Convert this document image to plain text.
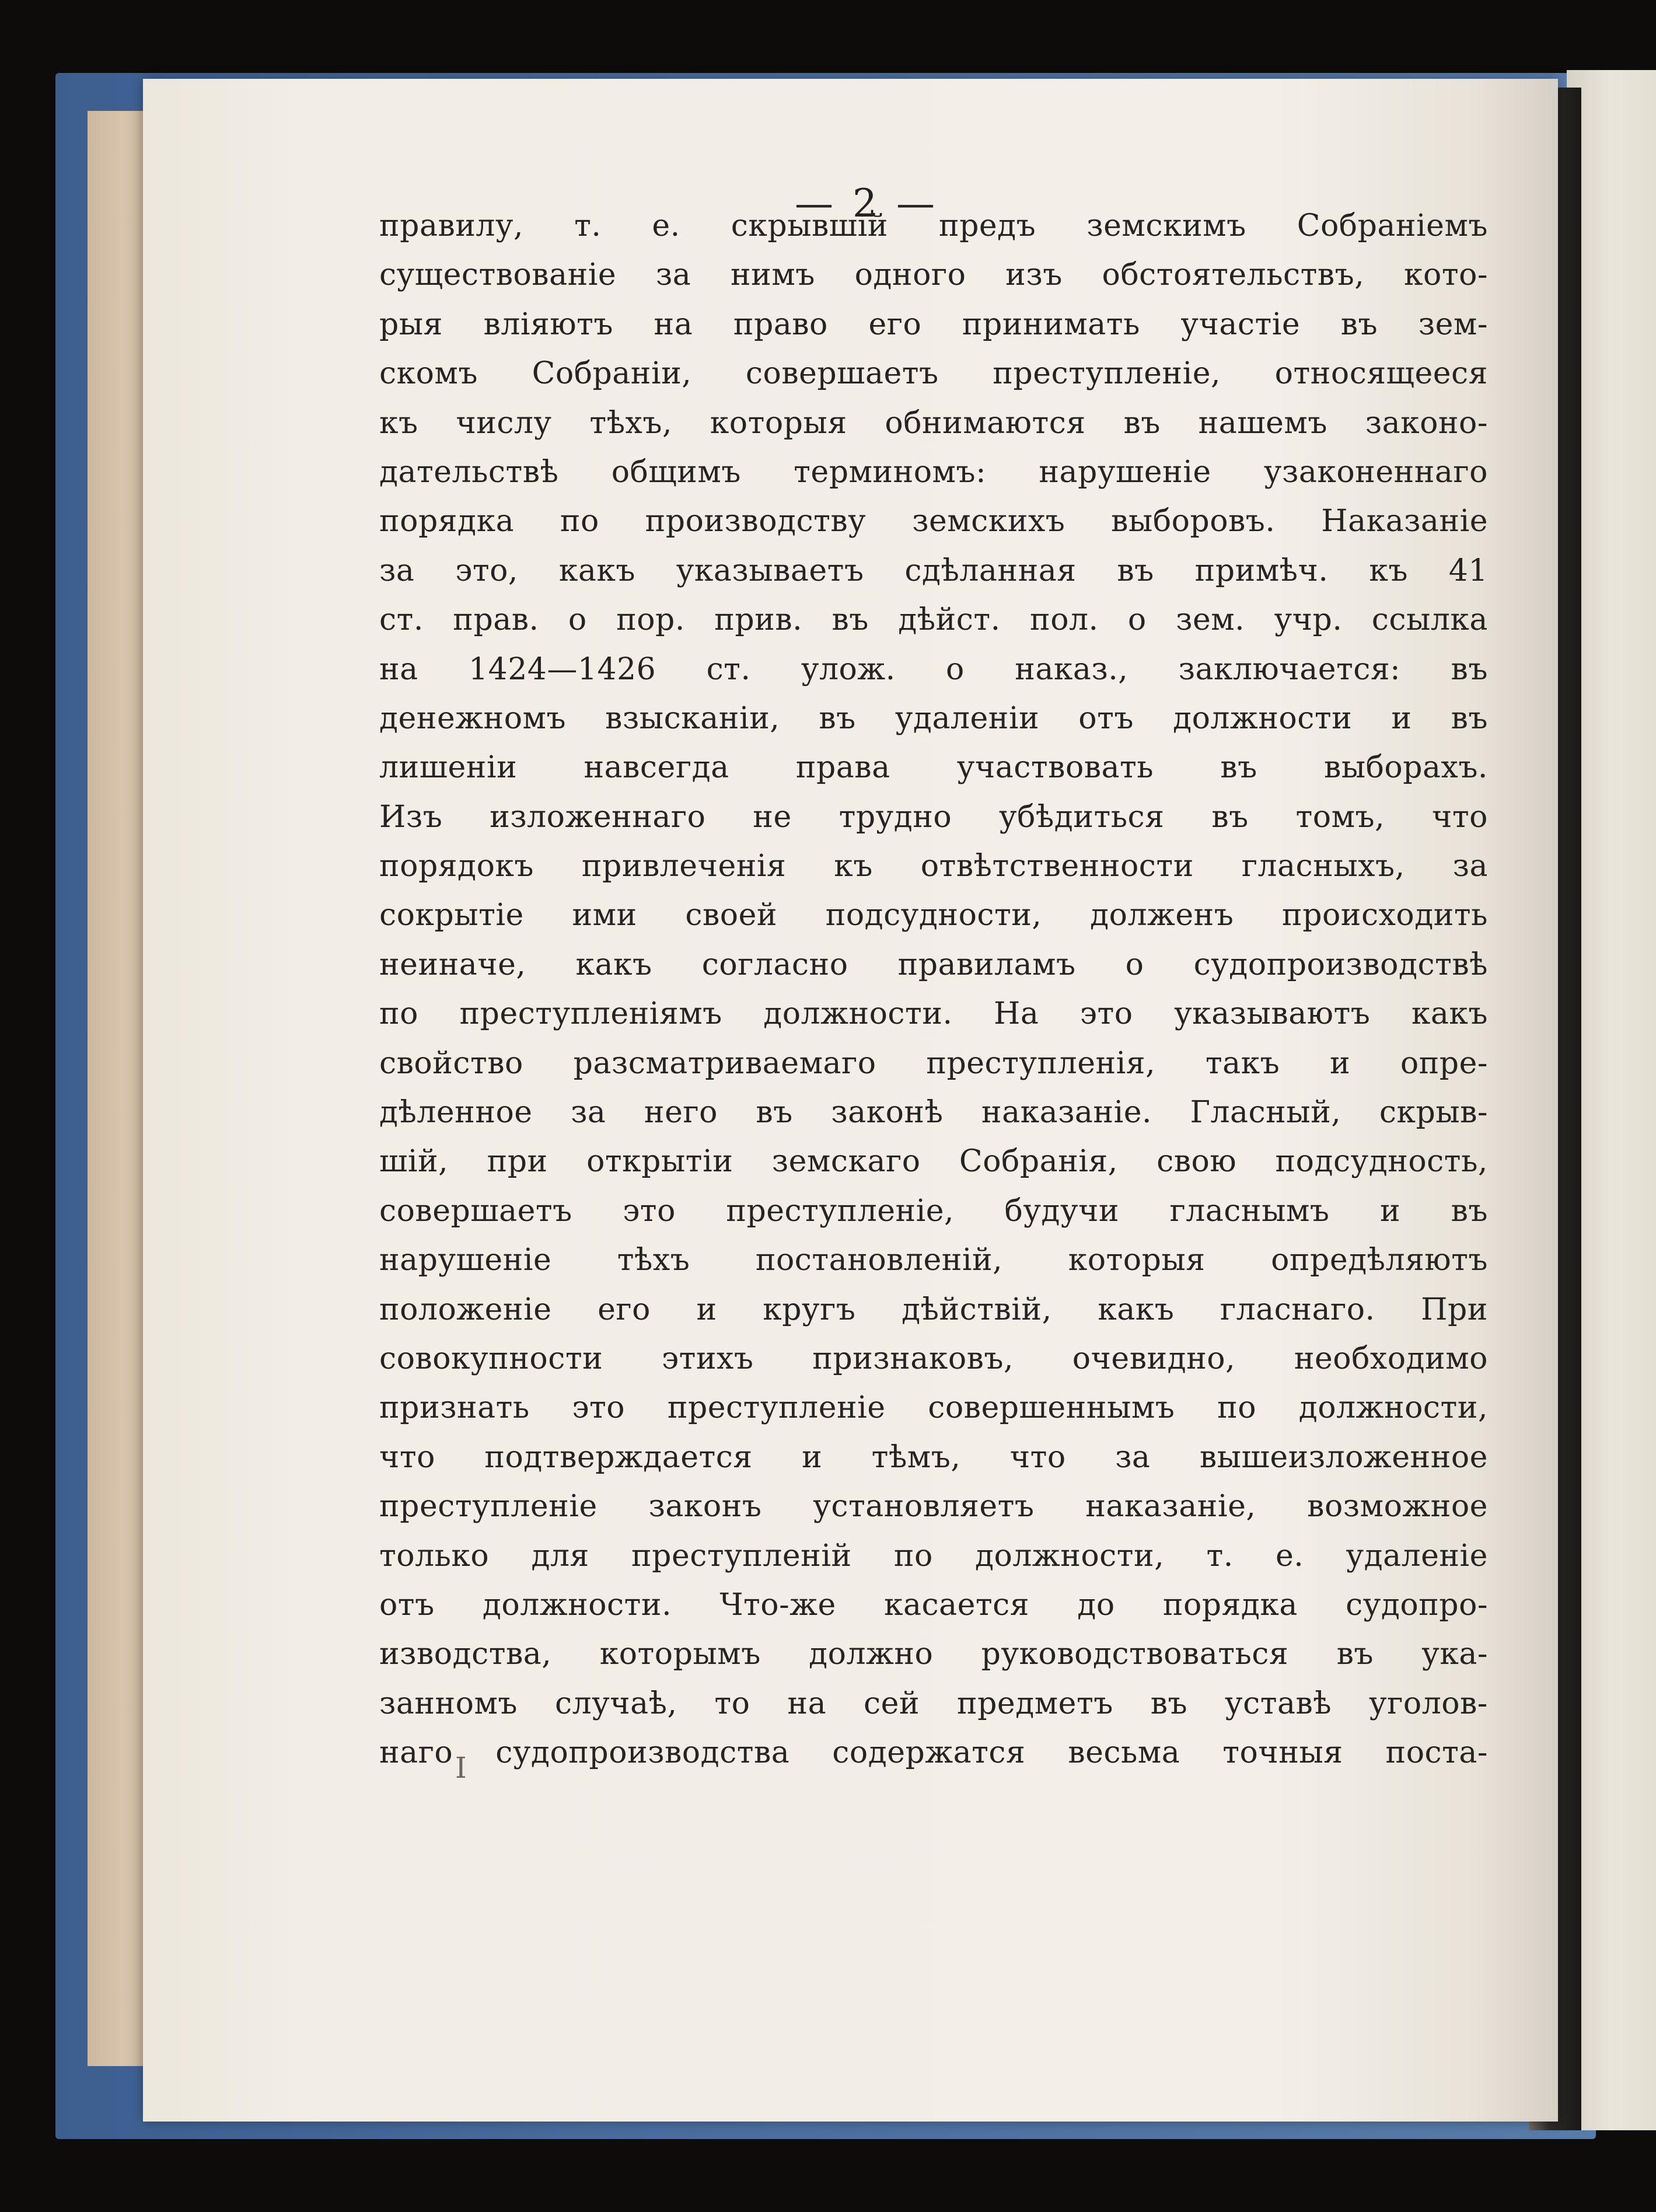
— 2 —
правилу, т. е. скрывшій предъ земскимъ Собраніемъ
существованіе за нимъ одного изъ обстоятельствъ, кото-
рыя вліяютъ на право его принимать участіе въ зем-
скомъ Собраніи, совершаетъ преступленіе, относящееся
къ числу тѣхъ, которыя обнимаются въ нашемъ законо-
дательствѣ общимъ терминомъ: нарушеніе узаконеннаго
порядка по производству земскихъ выборовъ. Наказаніе
за это, какъ указываетъ сдѣланная въ примѣч. къ 41
ст. прав. о пор. прив. въ дѣйст. пол. о зем. учр. ссылка
на 1424—1426 ст. улож. о наказ., заключается: въ
денежномъ взысканіи, въ удаленіи отъ должности и въ
лишеніи навсегда права участвовать въ выборахъ.
Изъ изложеннаго не трудно убѣдиться въ томъ, что
порядокъ привлеченія къ отвѣтственности гласныхъ, за
сокрытіе ими своей подсудности, долженъ происходить
неиначе, какъ согласно правиламъ о судопроизводствѣ
по преступленіямъ должности. На это указываютъ какъ
свойство разсматриваемаго преступленія, такъ и опре-
дѣленное за него въ законѣ наказаніе. Гласный, скрыв-
шій, при открытіи земскаго Собранія, свою подсудность,
совершаетъ это преступленіе, будучи гласнымъ и въ
нарушеніе тѣхъ постановленій, которыя опредѣляютъ
положеніе его и кругъ дѣйствій, какъ гласнаго. При
совокупности этихъ признаковъ, очевидно, необходимо
признать это преступленіе совершеннымъ по должности,
что подтверждается и тѣмъ, что за вышеизложенное
преступленіе законъ установляетъ наказаніе, возможное
только для преступленій по должности, т. е. удаленіе
отъ должности. Что-же касается до порядка судопро-
изводства, которымъ должно руководствоваться въ ука-
занномъ случаѣ, то на сей предметъ въ уставѣ уголов-
наго судопроизводства содержатся весьма точныя поста-
I
